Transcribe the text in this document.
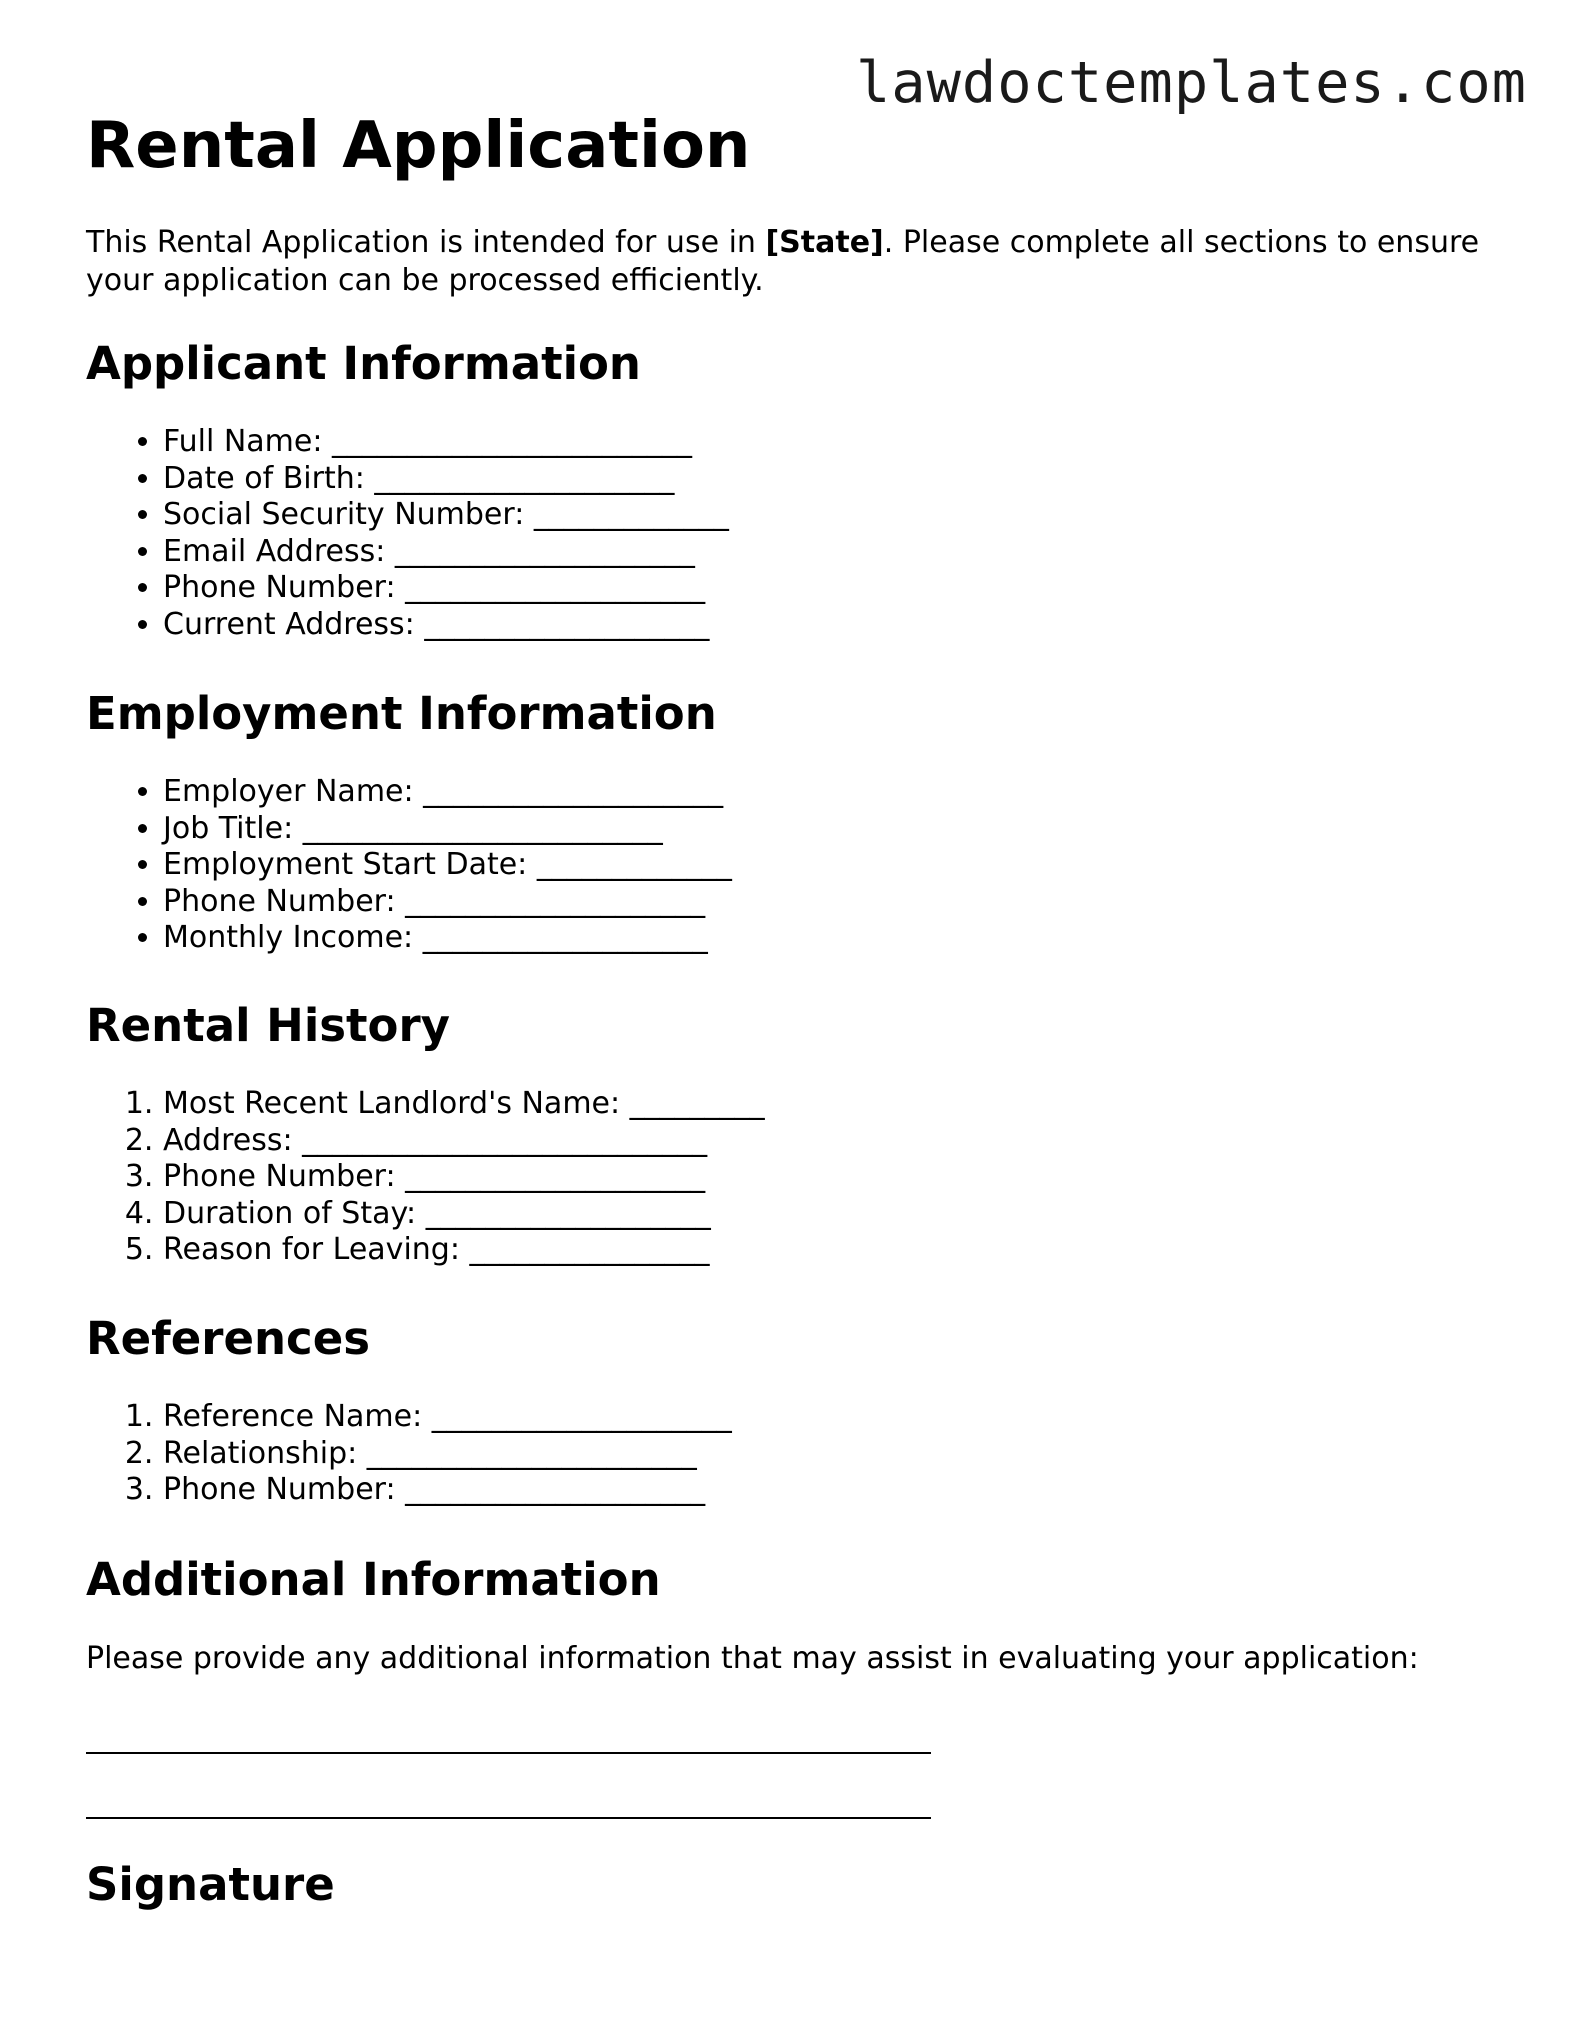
lawdoctemplates.com
Rental Application

This Rental Application is intended for use in [State]. Please complete all sections to ensure your application can be processed efficiently.

Applicant Information
• Full Name: ________________________
• Date of Birth: ____________________
• Social Security Number: _____________
• Email Address: ____________________
• Phone Number: ____________________
• Current Address: ___________________
Employment Information
• Employer Name: ____________________
• Job Title: ________________________
• Employment Start Date: _____________
• Phone Number: ____________________
• Monthly Income: ___________________
Rental History
1. Most Recent Landlord's Name: _________
2. Address: ___________________________
3. Phone Number: ____________________
4. Duration of Stay: ___________________
5. Reason for Leaving: ________________
References
1. Reference Name: ____________________
2. Relationship: ______________________
3. Phone Number: ____________________
Additional Information

Please provide any additional information that may assist in evaluating your application:

Signature
